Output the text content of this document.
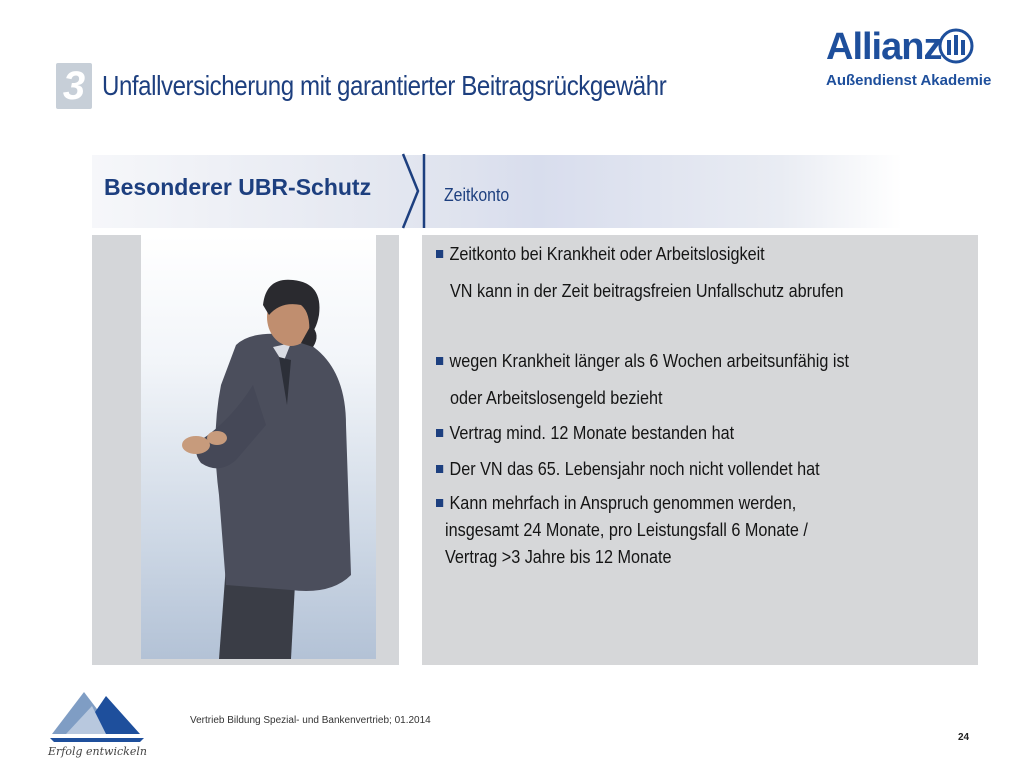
3 Unfallversicherung mit garantierter Beitragsrückgewähr
Allianz
Außendienst Akademie
Besonderer UBR-Schutz	Zeitkonto
Zeitkonto bei Krankheit oder Arbeitslosigkeit
VN kann in der Zeit beitragsfreien Unfallschutz abrufen
wegen Krankheit länger als 6 Wochen arbeitsunfähig ist
oder Arbeitslosengeld bezieht
Vertrag mind. 12 Monate bestanden hat
Der VN das 65. Lebensjahr noch nicht vollendet hat
Kann mehrfach in Anspruch genommen werden,
insgesamt 24 Monate, pro Leistungsfall 6 Monate /
Vertrag >3 Jahre bis 12 Monate
Erfolg entwickeln
Vertrieb Bildung Spezial- und Bankenvertrieb; 01.2014
24
